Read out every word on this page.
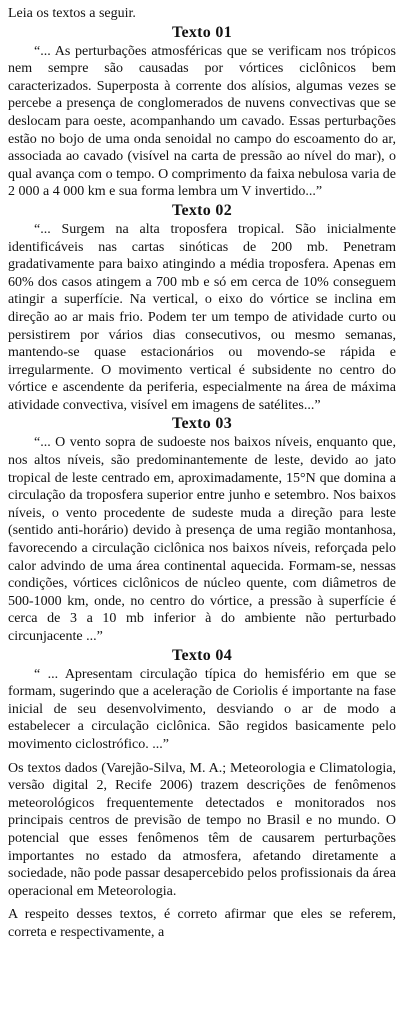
Leia os textos a seguir.

Texto 01

“... As perturbações atmosféricas que se verificam nos trópicos nem sempre são causadas por vórtices ciclônicos bem caracterizados. Superposta à corrente dos alísios, algumas vezes se percebe a presença de conglomerados de nuvens convectivas que se deslocam para oeste, acompanhando um cavado. Essas perturbações estão no bojo de uma onda senoidal no campo do escoamento do ar, associada ao cavado (visível na carta de pressão ao nível do mar), o qual avança com o tempo. O comprimento da faixa nebulosa varia de 2 000 a 4 000 km e sua forma lembra um V invertido...”

Texto 02

“... Surgem na alta troposfera tropical. São inicialmente identificáveis nas cartas sinóticas de 200 mb. Penetram gradativamente para baixo atingindo a média troposfera. Apenas em 60% dos casos atingem a 700 mb e só em cerca de 10% conseguem atingir a superfície. Na vertical, o eixo do vórtice se inclina em direção ao ar mais frio. Podem ter um tempo de atividade curto ou persistirem por vários dias consecutivos, ou mesmo semanas, mantendo-se quase estacionários ou movendo-se rápida e irregularmente. O movimento vertical é subsidente no centro do vórtice e ascendente da periferia, especialmente na área de máxima atividade convectiva, visível em imagens de satélites...”

Texto 03

“... O vento sopra de sudoeste nos baixos níveis, enquanto que, nos altos níveis, são predominantemente de leste, devido ao jato tropical de leste centrado em, aproximadamente, 15°N que domina a circulação da troposfera superior entre junho e setembro. Nos baixos níveis, o vento procedente de sudeste muda a direção para leste (sentido anti-horário) devido à presença de uma região montanhosa, favorecendo a circulação ciclônica nos baixos níveis, reforçada pelo calor advindo de uma área continental aquecida. Formam-se, nessas condições, vórtices ciclônicos de núcleo quente, com diâmetros de 500-1000 km, onde, no centro do vórtice, a pressão à superfície é cerca de 3 a 10 mb inferior à do ambiente não perturbado circunjacente ...”

Texto 04

“ ... Apresentam circulação típica do hemisfério em que se formam, sugerindo que a aceleração de Coriolis é importante na fase inicial de seu desenvolvimento, desviando o ar de modo a estabelecer a circulação ciclônica. São regidos basicamente pelo movimento ciclostrófico. ...”

Os textos dados (Varejão-Silva, M. A.; Meteorologia e Climatologia, versão digital 2, Recife 2006) trazem descrições de fenômenos meteorológicos frequentemente detectados e monitorados nos principais centros de previsão de tempo no Brasil e no mundo. O potencial que esses fenômenos têm de causarem perturbações importantes no estado da atmosfera, afetando diretamente a sociedade, não pode passar desapercebido pelos profissionais da área operacional em Meteorologia.

A respeito desses textos, é correto afirmar que eles se referem, correta e respectivamente, a
